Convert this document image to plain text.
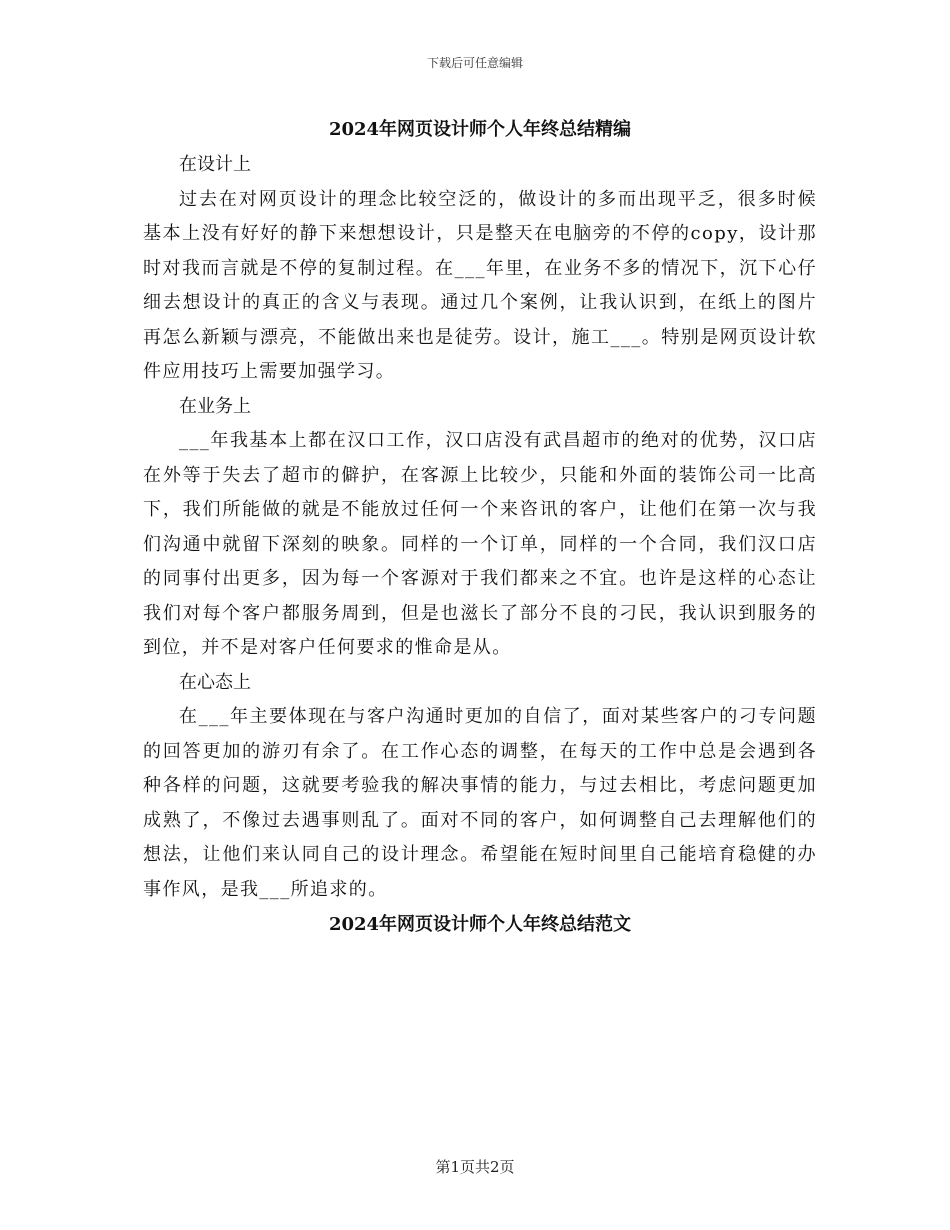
下载后可任意编辑
2024年网页设计师个人年终总结精编

在设计上

过去在对网页设计的理念比较空泛的，做设计的多而出现平乏，很多时候基本上没有好好的静下来想想设计，只是整天在电脑旁的不停的copy，设计那时对我而言就是不停的复制过程。在___年里，在业务不多的情况下，沉下心仔细去想设计的真正的含义与表现。通过几个案例，让我认识到，在纸上的图片再怎么新颖与漂亮，不能做出来也是徒劳。设计，施工___。特别是网页设计软件应用技巧上需要加强学习。

在业务上

___年我基本上都在汉口工作，汉口店没有武昌超市的绝对的优势，汉口店在外等于失去了超市的僻护，在客源上比较少，只能和外面的装饰公司一比高下，我们所能做的就是不能放过任何一个来咨讯的客户，让他们在第一次与我们沟通中就留下深刻的映象。同样的一个订单，同样的一个合同，我们汉口店的同事付出更多，因为每一个客源对于我们都来之不宜。也许是这样的心态让我们对每个客户都服务周到，但是也滋长了部分不良的刁民，我认识到服务的到位，并不是对客户任何要求的惟命是从。

在心态上

在___年主要体现在与客户沟通时更加的自信了，面对某些客户的刁专问题的回答更加的游刃有余了。在工作心态的调整，在每天的工作中总是会遇到各种各样的问题，这就要考验我的解决事情的能力，与过去相比，考虑问题更加成熟了，不像过去遇事则乱了。面对不同的客户，如何调整自己去理解他们的想法，让他们来认同自己的设计理念。希望能在短时间里自己能培育稳健的办事作风，是我___所追求的。

2024年网页设计师个人年终总结范文
第1页共2页
